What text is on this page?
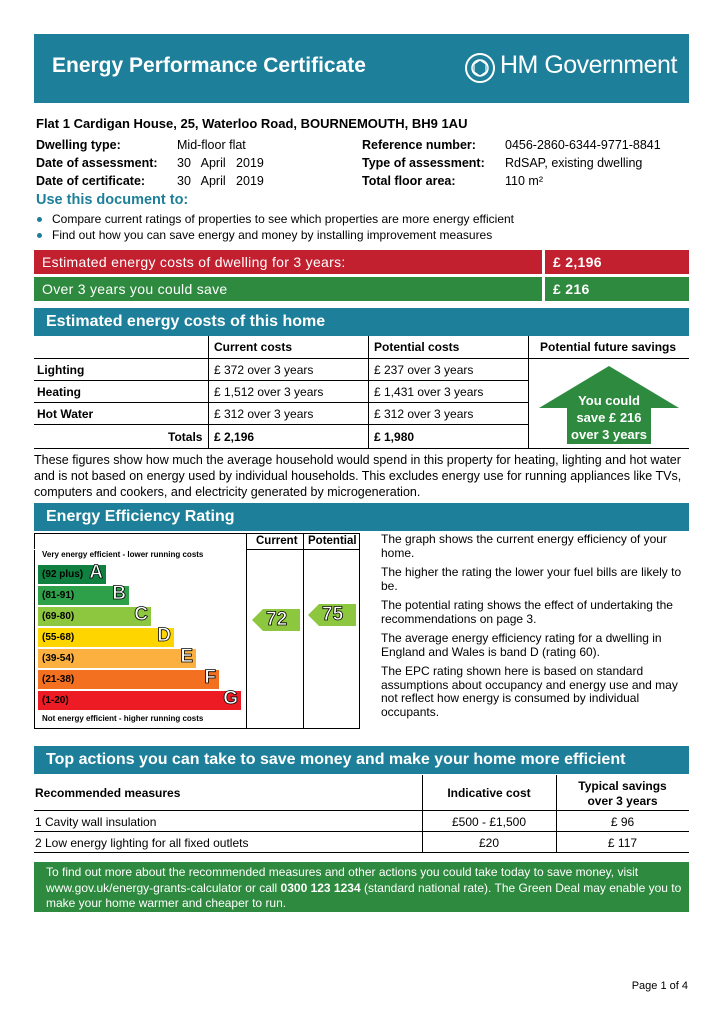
Energy Performance Certificate	HM Government
Flat 1 Cardigan House, 25, Waterloo Road, BOURNEMOUTH, BH9 1AU
Dwelling type:	Mid-floor flat
Date of assessment: 30   April   2019
Date of certificate:	30   April   2019
Reference number: 0456-2860-6344-9771-8841
Type of assessment: RdSAP, existing dwelling
Total floor area:	110 m²
Use this document to:
Compare current ratings of properties to see which properties are more energy efficient
Find out how you can save energy and money by installing improvement measures
Estimated energy costs of dwelling for 3 years:	£ 2,196
Over 3 years you could save	£ 216
Estimated energy costs of this home
Current costs	Potential costs	Potential future savings
Lighting	£ 372 over 3 years	£ 237 over 3 years
Heating	£ 1,512 over 3 years	£ 1,431 over 3 years
Hot Water	£ 312 over 3 years	£ 312 over 3 years
Totals £ 2,196	£ 1,980
You could
save £ 216
over 3 years
These figures show how much the average household would spend in this property for heating, lighting and hot water and is not based on energy used by individual households. This excludes energy use for running appliances like TVs, computers and cookers, and electricity generated by microgeneration.
Energy Efficiency Rating
Current Potential
Very energy efficient - lower running costs
Not energy efficient - higher running costs
(92 plus) A
(81-91) B
(69-80)	C
(55-68)	D
(39-54)	E
(21-38)	F
(1-20)	G
72 75

The graph shows the current energy efficiency of your home.

The higher the rating the lower your fuel bills are likely to be.

The potential rating shows the effect of undertaking the recommendations on page 3.

The average energy efficiency rating for a dwelling in England and Wales is band D (rating 60).

The EPC rating shown here is based on standard assumptions about occupancy and energy use and may not reflect how energy is consumed by individual occupants.

Top actions you can take to save money and make your home more efficient
Recommended measures	Indicative cost	Typical savings
over 3 years
1 Cavity wall insulation	£500 - £1,500	£ 96
2 Low energy lighting for all fixed outlets	£20	£ 117
To find out more about the recommended measures and other actions you could take today to save money, visit
www.gov.uk/energy-grants-calculator or call 0300 123 1234 (standard national rate). The Green Deal may enable you to
make your home warmer and cheaper to run.
Page 1 of 4
